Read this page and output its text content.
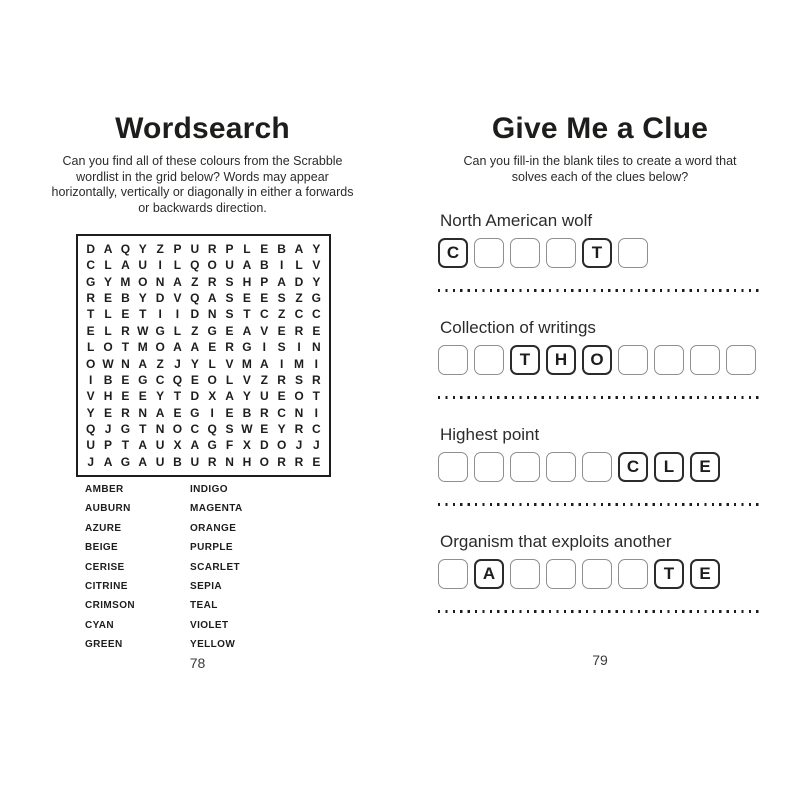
Wordsearch
Can you find all of these colours from the Scrabble wordlist in the grid below? Words may appear horizontally, vertically or diagonally in either a forwards or backwards direction.
D A Q Y Z P U R P L E B A Y
C L A U I	L Q O U A B I	L V
G Y M O N A Z R S H P A D Y
R E B Y D V Q A S E E S Z G
T L E T	I	I D N S T C Z C C
E L R W G L Z G E A V E R E
L O T M O A A E R G I S I N
O W N A Z J Y L V M A I M I
I B E G C Q E O L V Z R S R
V H E E Y T D X A Y U E O T
Y E R N A E G I E B R C N I
Q J G T N O C Q S W E Y R C
U P T A U X A G F X D O J J
J A G A U B U R N H O R R E
AMBER
AUBURN
AZURE
BEIGE
CERISE
CITRINE
CRIMSON
CYAN
GREEN
INDIGO
MAGENTA
ORANGE
PURPLE
SCARLET
SEPIA
TEAL
VIOLET
YELLOW
78
Give Me a Clue
Can you fill-in the blank tiles to create a word that solves each of the clues below?
North American wolf
C	T
Collection of writings
T	H	O
Highest point
C	L	E
Organism that exploits another
A	T	E
79
